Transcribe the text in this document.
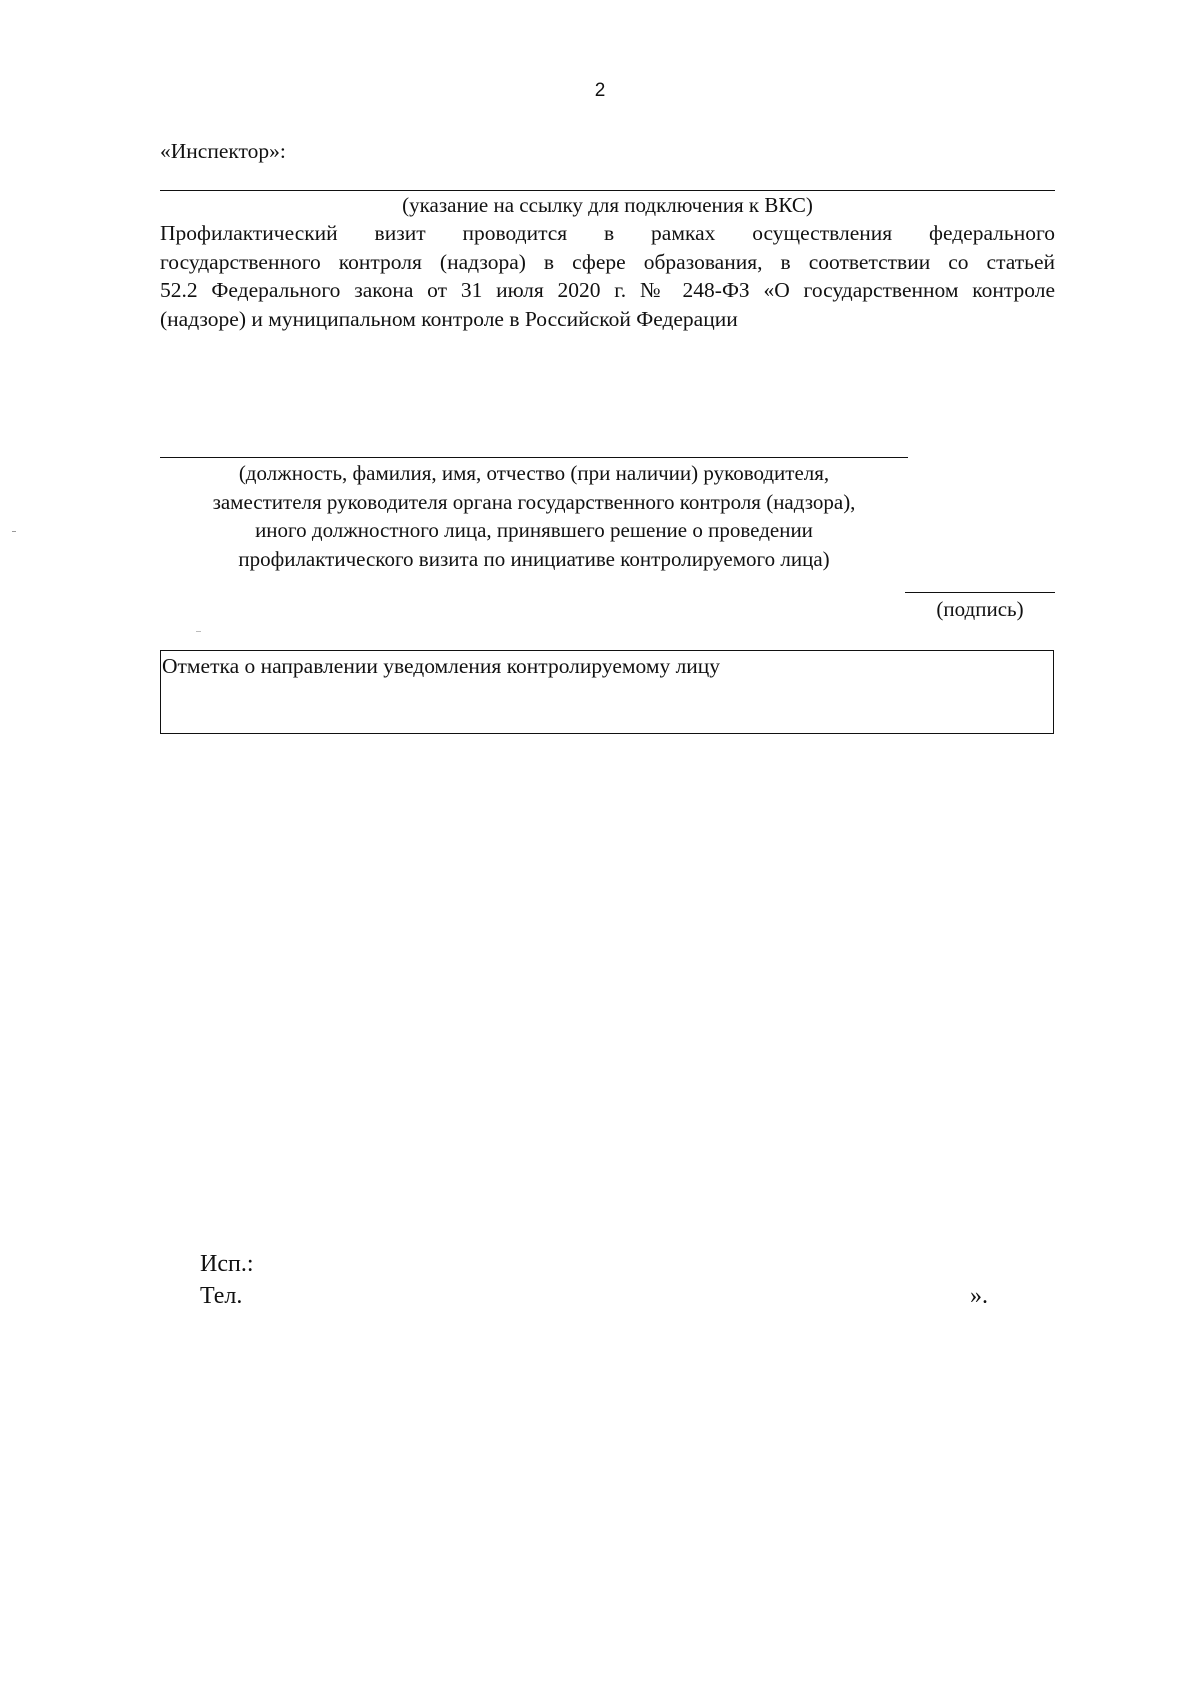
2
«Инспектор»:
(указание на ссылку для подключения к ВКС)
Профилактический визит проводится в рамках осуществления федерального
государственного контроля (надзора) в сфере образования, в соответствии со статьей
52.2 Федерального закона от 31 июля 2020 г. № 248-ФЗ «О государственном контроле
(надзоре) и муниципальном контроле в Российской Федерации
(должность, фамилия, имя, отчество (при наличии) руководителя,
заместителя руководителя органа государственного контроля (надзора),
иного должностного лица, принявшего решение о проведении
профилактического визита по инициативе контролируемого лица)
(подпись)
Отметка о направлении уведомления контролируемому лицу
Исп.:
Тел.	».
